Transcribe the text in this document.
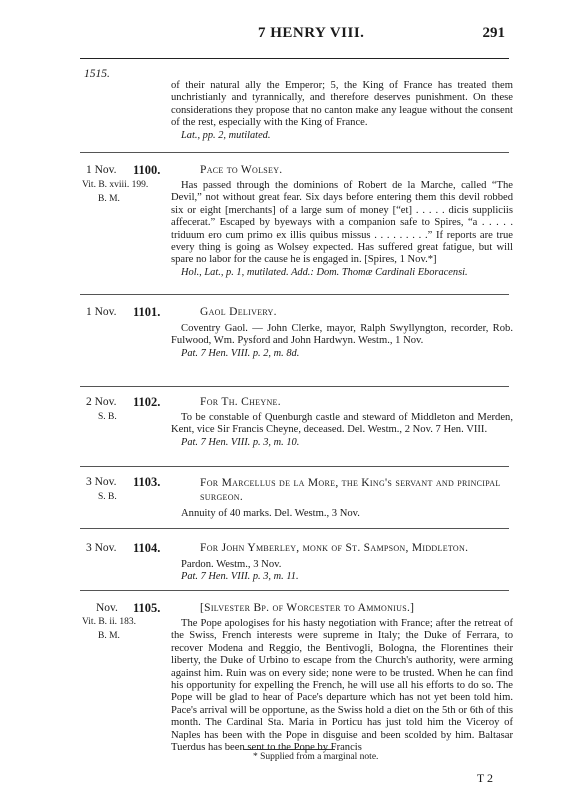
7 HENRY VIII.	291
1515.
of their natural ally the Emperor; 5, the King of France has treated them unchristianly and tyrannically, and therefore deserves punishment. On these considerations they propose that no canton make any league without the consent of the rest, especially with the King of France.
Lat., pp. 2, mutilated.
1 Nov. 1100.
Vit. B. xviii. 199.
B. M.
Pace to Wolsey.
Has passed through the dominions of Robert de la Marche, called “The Devil,” not without great fear. Six days before entering them this devil robbed six or eight [merchants] of a large sum of money [“et] . . . . . dicis suppliciis affecerat.” Escaped by byeways with a companion safe to Spires, “a . . . . . triduum ero cum primo ex illis quibus missus . . . . . . . . .” If reports are true every thing is going as Wolsey expected. Has suffered great fatigue, but will spare no labor for the cause he is engaged in. [Spires, 1 Nov.*]
Hol., Lat., p. 1, mutilated. Add.: Dom. Thomæ Cardinali Eboracensi.
1 Nov. 1101.	Gaol Delivery.
Coventry Gaol. — John Clerke, mayor, Ralph Swyllyngton, recorder, Rob. Fulwood, Wm. Pysford and John Hardwyn. Westm., 1 Nov.
Pat. 7 Hen. VIII. p. 2, m. 8d.
2 Nov. 1102.
S. B.
For Th. Cheyne.
To be constable of Quenburgh castle and steward of Middleton and Merden, Kent, vice Sir Francis Cheyne, deceased. Del. Westm., 2 Nov. 7 Hen. VIII.
Pat. 7 Hen. VIII. p. 3, m. 10.
3 Nov. 1103.
S. B.
For Marcellus de la More, the King's servant and principal surgeon.
Annuity of 40 marks. Del. Westm., 3 Nov.
3 Nov. 1104.	For John Ymberley, monk of St. Sampson, Middleton.
Pardon. Westm., 3 Nov.
Pat. 7 Hen. VIII. p. 3, m. 11.
Nov. 1105.
Vit. B. ii. 183.
B. M.
[Silvester Bp. of Worcester to Ammonius.]
The Pope apologises for his hasty negotiation with France; after the retreat of the Swiss, French interests were supreme in Italy; the Duke of Ferrara, to recover Modena and Reggio, the Bentivogli, Bologna, the Florentines their liberty, the Duke of Urbino to escape from the Church's authority, were arming against him. Ruin was on every side; none were to be trusted. When he can find his opportunity for expelling the French, he will use all his efforts to do so. The Pope will be glad to hear of Pace's departure which has not yet been told him. Pace's arrival will be opportune, as the Swiss hold a diet on the 5th or 6th of this month. The Cardinal Sta. Maria in Porticu has just told him the Viceroy of Naples has been with the Pope in disguise and been scolded by him. Baltasar Tuerdus has been sent to the Pope by Francis
* Supplied from a marginal note.
T 2
